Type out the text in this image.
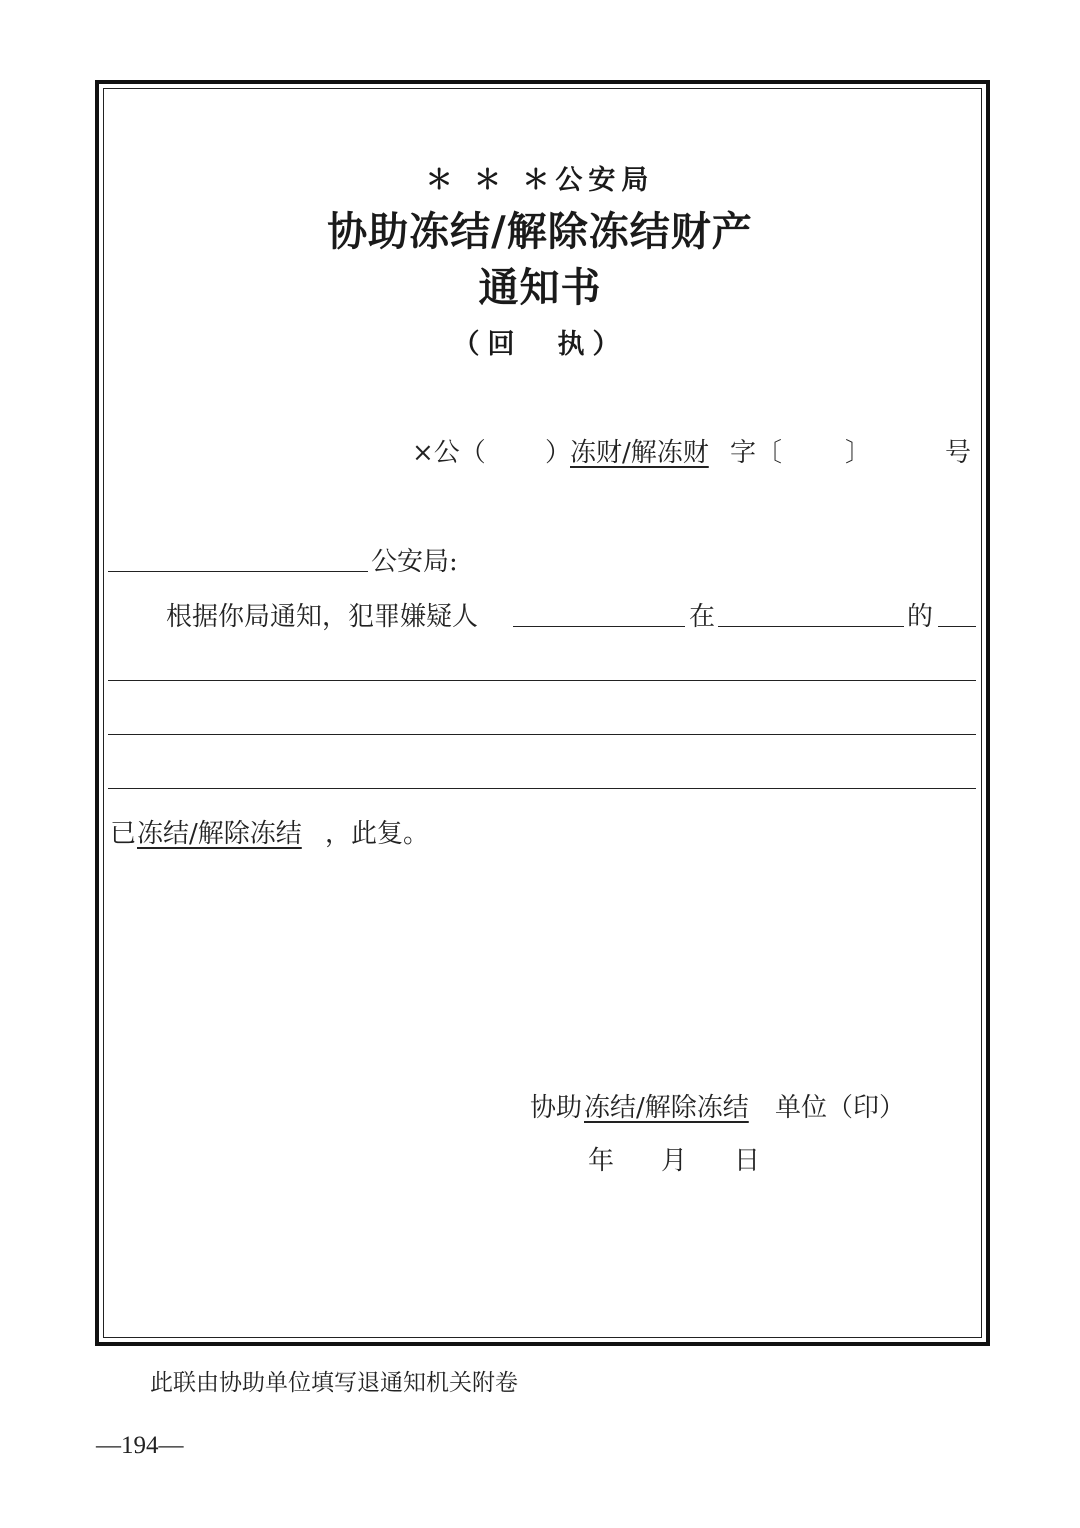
＊ ＊ ＊公安局
协助冻结/解除冻结财产
通知书
（回　执）
×公（ ）
冻财/解冻财 字〔 〕	号
公安局:
根据你局通知，犯罪嫌疑人	在	的
已 冻结/解除冻结 ，此复。
协助 冻结/解除冻结 单位（印）
年 月 日
此联由协助单位填写退通知机关附卷
—194—
